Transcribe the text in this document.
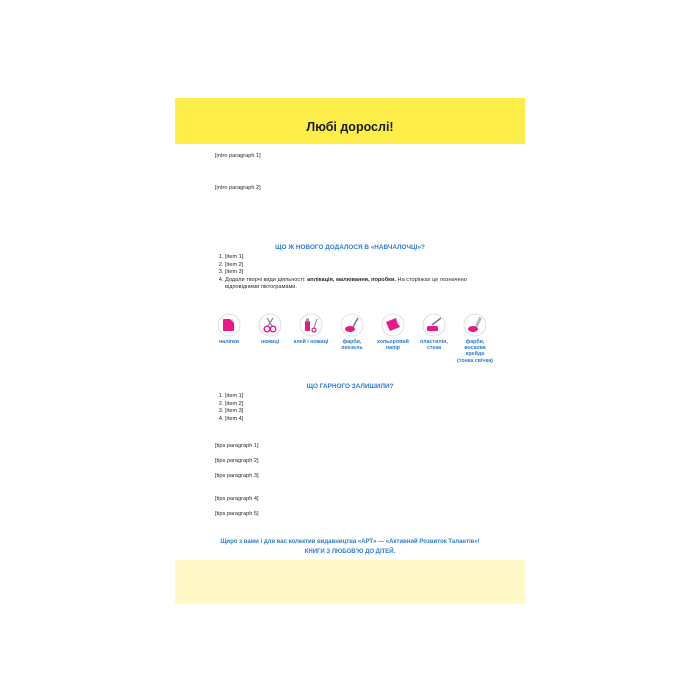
Любі дорослі!

[intro paragraph 1]

[intro paragraph 2]

ЩО Ж НОВОГО ДОДАЛОСЯ В «НАВЧАЛОЧЦІ»?

1. [item 1]
2. [item 2]
3. [item 3]
4. Додали творчі види діяльності: аплікація, малювання, поробки. На сторінках це позначено відповідними піктограмами.
наліпки	ножиці	клей і ножиці	фарби, пензель
кольоровий папір
пластилін, стека
фарби, воскова крейда (тонка свічка)

ЩО ГАРНОГО ЗАЛИШИЛИ?

1. [item 1]
2. [item 2]
3. [item 3]
4. [item 4]

[tips paragraph 1]

[tips paragraph 2]

[tips paragraph 3]

[tips paragraph 4]

[tips paragraph 5]

Щиро з вами і для вас колектив видавництва «АРТ» — «Активний Розвиток Талантів»!

КНИГИ З ЛЮБОВ’Ю ДО ДІТЕЙ.
